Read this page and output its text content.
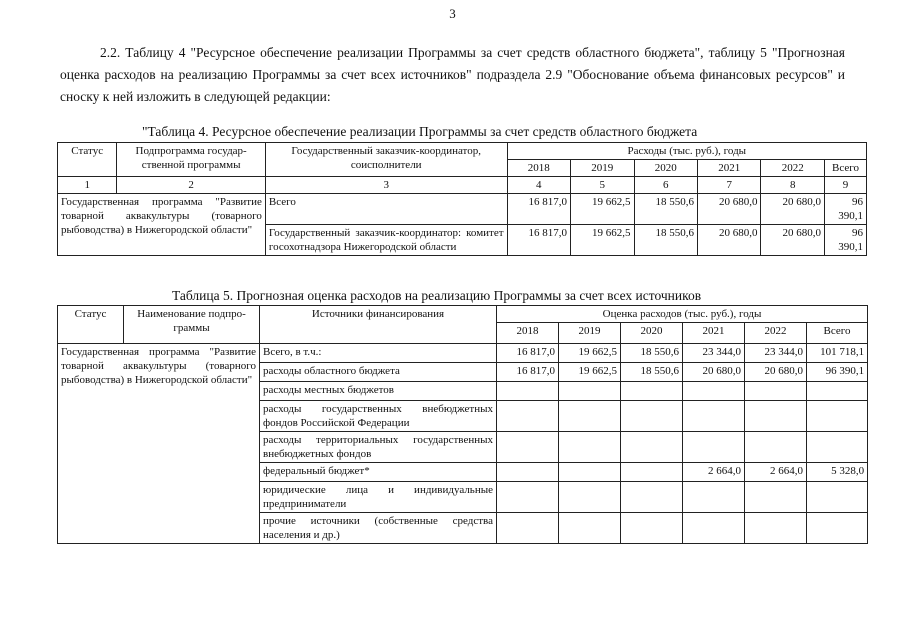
3
2.2. Таблицу 4 "Ресурсное обеспечение реализации Программы за счет средств областного бюджета", таблицу 5 "Прогнозная оценка расходов на реализацию Программы за счет всех источников" подраздела 2.9 "Обоснование объема финансовых ресурсов" и сноску к ней изложить в следующей редакции:
"Таблица 4. Ресурсное обеспечение реализации Программы за счет средств областного бюджета
Статус	Подпрограмма государ-ственной программы	Государственный заказчик-координатор, соисполнители	Расходы (тыс. руб.), годы					
			2018	2019	2020	2021	2022	Всего
1	2	3	4	5	6	7	8	9
Государственная программа "Развитие товарной аквакультуры (товарного рыбоводства) в Нижегородской области"		Всего	16 817,0	19 662,5	18 550,6	20 680,0	20 680,0	96 390,1
		Государственный заказчик-координатор: комитет госохотнадзора Нижегородской области	16 817,0	19 662,5	18 550,6	20 680,0	20 680,0	96 390,1
Таблица 5. Прогнозная оценка расходов на реализацию Программы за счет всех источников
Статус	Наименование подпро-граммы	Источники финансирования	Оценка расходов (тыс. руб.), годы					
			2018	2019	2020	2021	2022	Всего
Государственная программа "Развитие товарной аквакультуры (товарного рыбоводства) в Нижегородской области"		Всего, в т.ч.:	16 817,0	19 662,5	18 550,6	23 344,0	23 344,0	101 718,1
		расходы областного бюджета	16 817,0	19 662,5	18 550,6	20 680,0	20 680,0	96 390,1
		расходы местных бюджетов						
		расходы государственных внебюджетных фондов Российской Федерации						
		расходы территориальных государственных внебюджетных фондов						
		федеральный бюджет*				2 664,0	2 664,0	5 328,0
		юридические лица и индивидуальные предприниматели						
		прочие источники (собственные средства населения и др.)						
